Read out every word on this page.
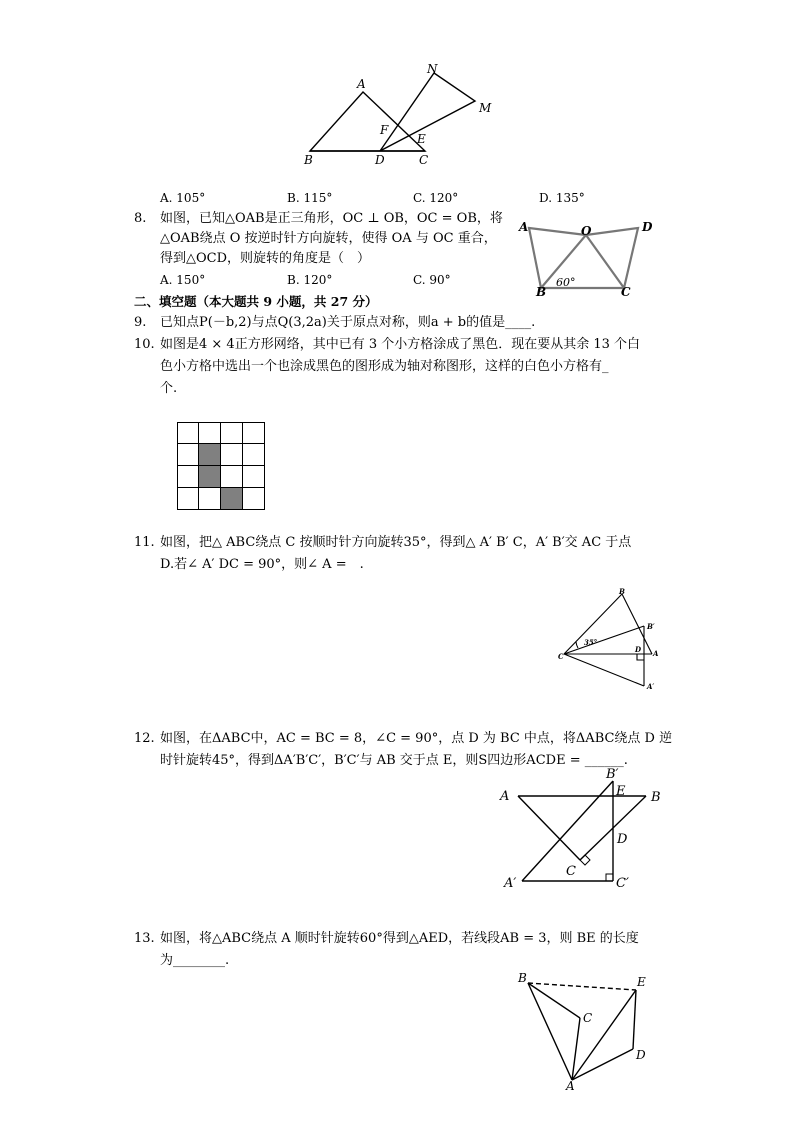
A
N
M
F
E
B	D	C
A. 105°	B. 115°	C. 120°	D. 135°
8. 如图，已知△OAB是正三角形，OC ⊥ OB，OC = OB，将
△OAB绕点 O 按逆时针方向旋转，使得 OA 与 OC 重合，
得到△OCD，则旋转的角度是（　）
A. 150°	B. 120°	C. 90°
A	O	D
B
60°
C
二、填空题（本大题共 9 小题，共 27 分）
9. 已知点P(－b,2)与点Q(3,2a)关于原点对称，则a + b的值是____.
10. 如图是4 × 4正方形网络，其中已有 3 个小方格涂成了黑色．现在要从其余 13 个白
色小方格中选出一个也涂成黑色的图形成为轴对称图形，这样的白色小方格有_
个.
11. 如图，把△ ABC绕点 C 按顺时针方向旋转35°，得到△ A′ B′ C，A′ B′交 AC 于点
D.若∠ A′ DC = 90°，则∠ A =　.
B
B′
35°
C
D A
A′
12. 如图，在ΔABC中，AC = BC = 8，∠C = 90°，点 D 为 BC 中点，将ΔABC绕点 D 逆
时针旋转45°，得到ΔA′B′C′，B′C′与 AB 交于点 E，则S四边形ACDE = ______.
B′
A	E B
D
C
A′	C′
13. 如图，将△ABC绕点 A 顺时针旋转60°得到△AED，若线段AB = 3，则 BE 的长度
为________.
B	E
C
D
A
